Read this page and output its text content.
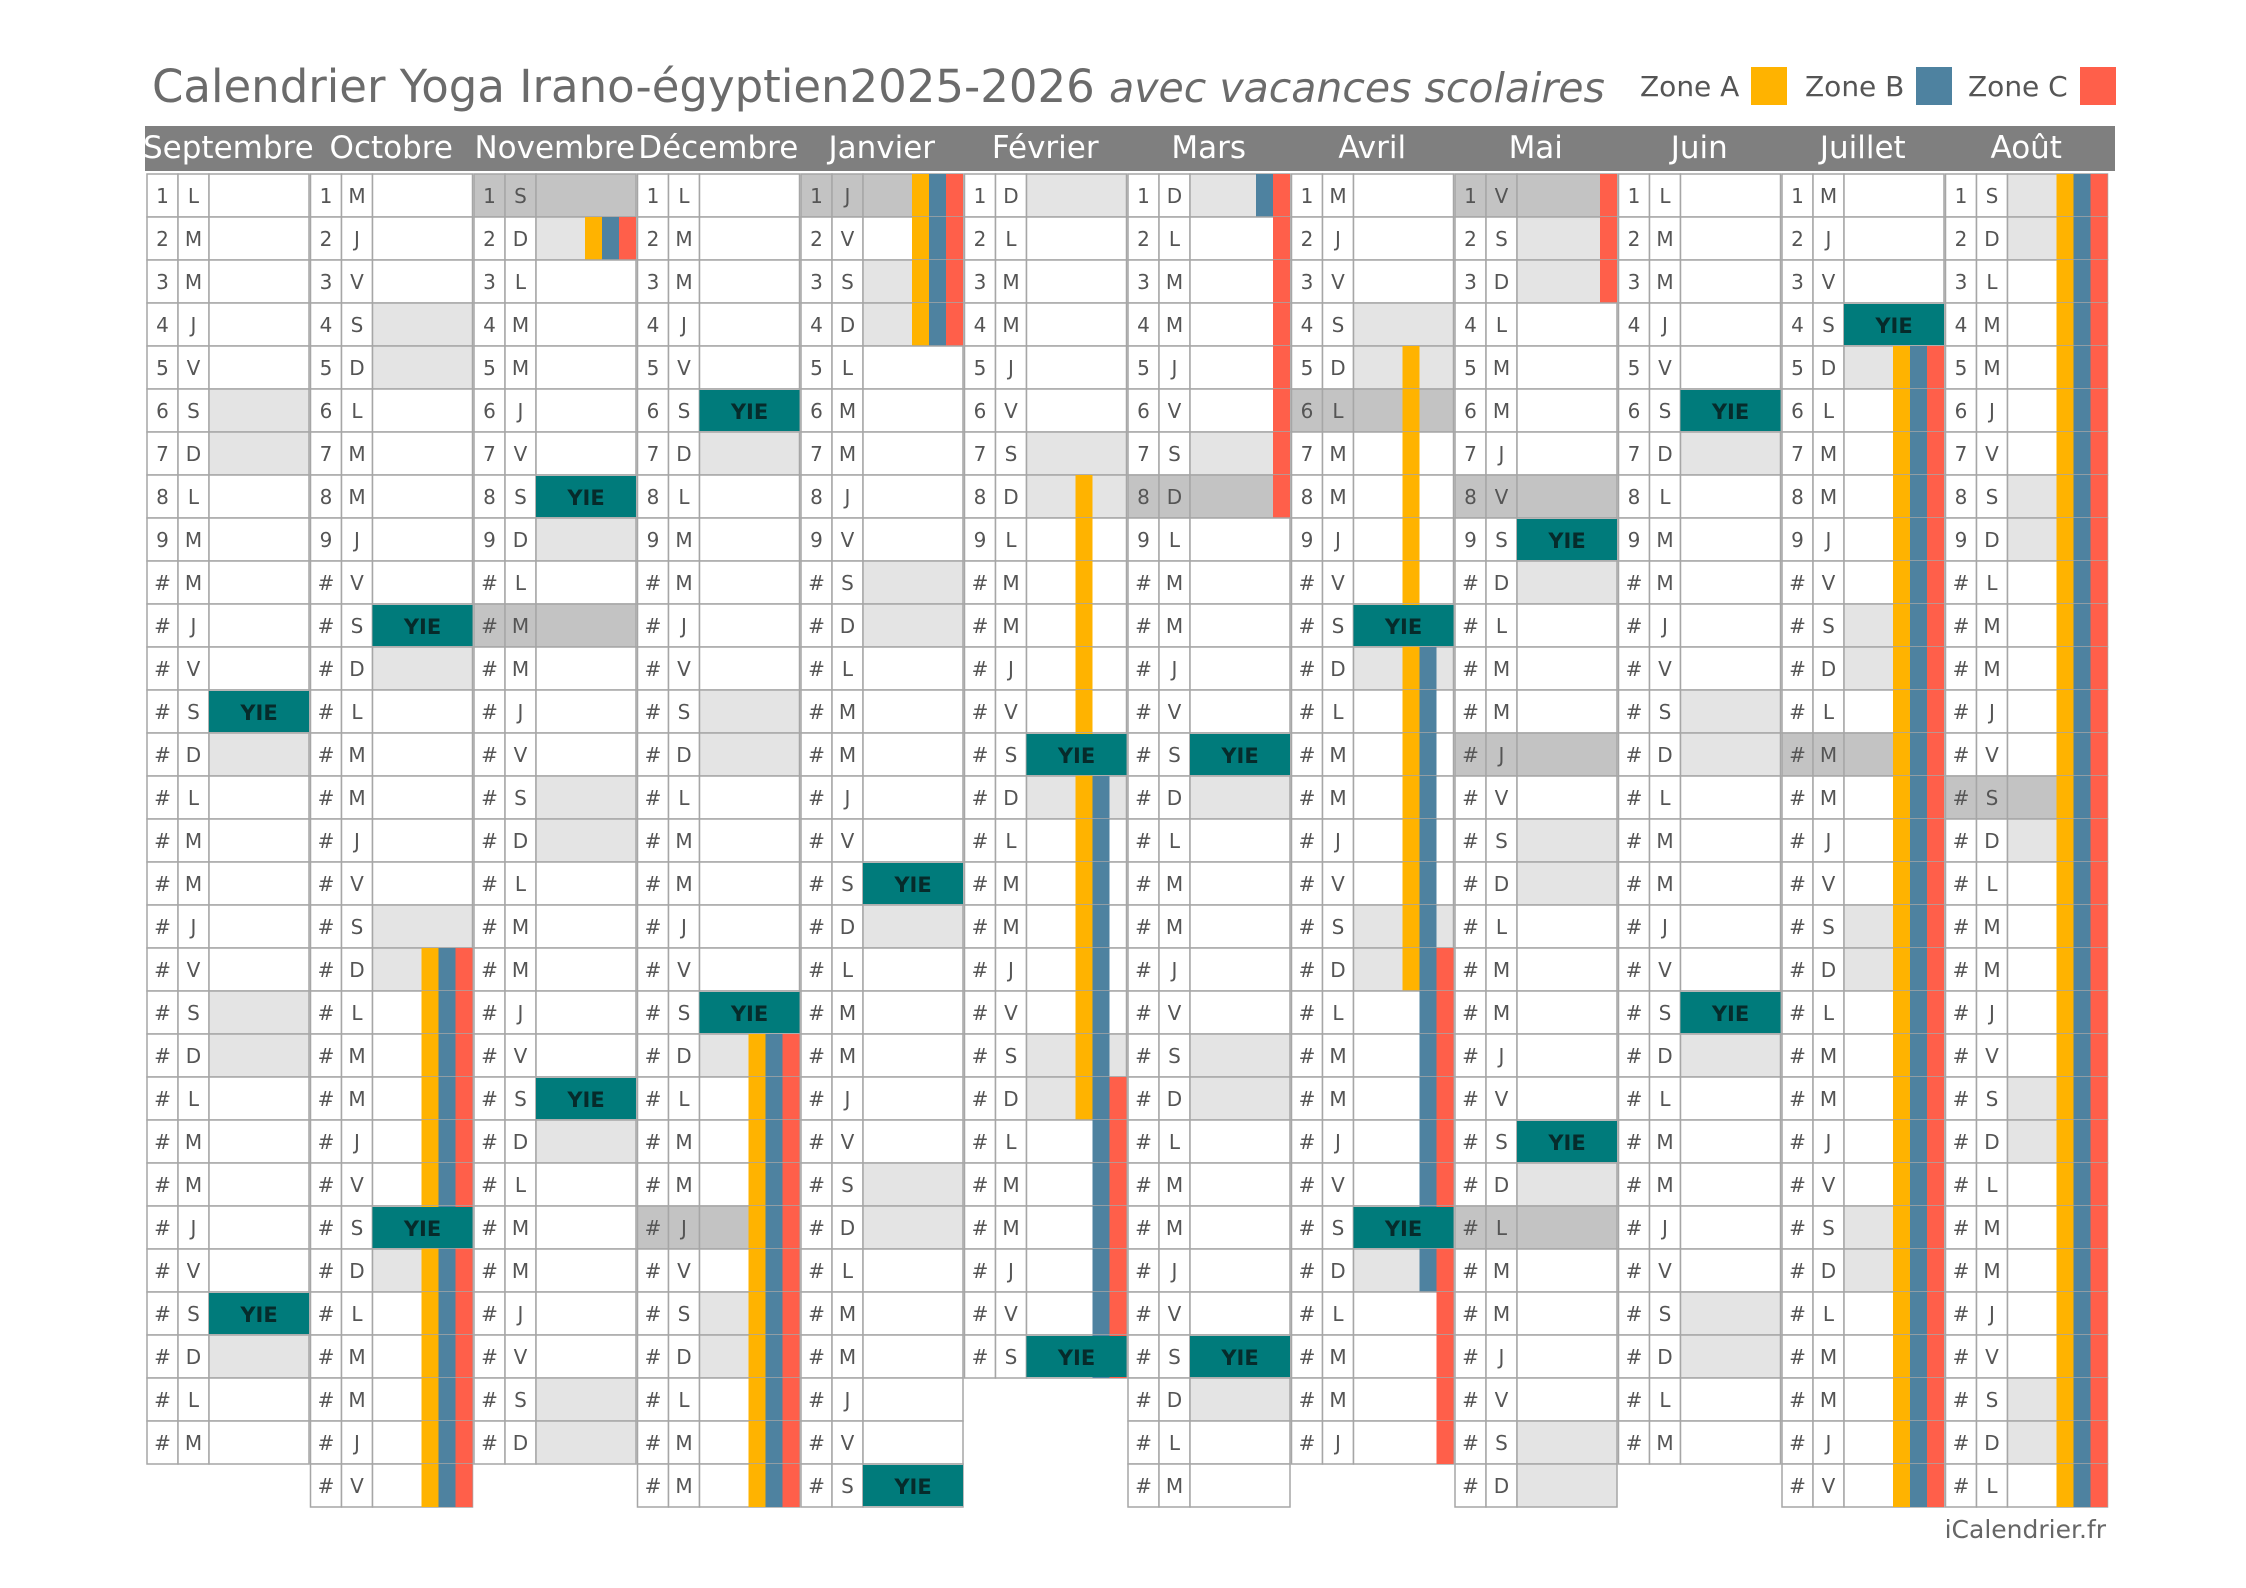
Calendrier Yoga Irano-égyptien2025-2026 avec vacances scolaires Zone A Zone B Zone C
Septembre Octobre Novembre Décembre Janvier	Février	Mars	Avril	Mai	Juin	Juillet	Août
1 L
2 M
3 M
4 J
5 V
6 S
7 D
8 L
9 M
# M
# J
# V
# S YIE
# D
# L
# M
# M
# J
# V
# S
# D
# L
# M
# M
# J
# V
# S YIE
# D
# L
# M
1 M
2 J
3 V
4 S
5 D
6 L
7 M
8 M
9 J
# V
# S YIE
# D
# L
# M
# M
# J
# V
# S
# D
# L
# M
# M
# J
# V
# S YIE
# D
# L
# M
# M
# J
# V
1 S
2 D
3 L
4 M
5 M
6 J
7 V
8 S YIE
9 D
# L
# M
# M
# J
# V
# S
# D
# L
# M
# M
# J
# V
# S YIE
# D
# L
# M
# M
# J
# V
# S
# D
1 L
2 M
3 M
4 J
5 V
6 S YIE
7 D
8 L
9 M
# M
# J
# V
# S
# D
# L
# M
# M
# J
# V
# S YIE
# D
# L
# M
# M
# J
# V
# S
# D
# L
# M
# M
1 J
2 V
3 S
4 D
5 L
6 M
7 M
8 J
9 V
# S
# D
# L
# M
# M
# J
# V
# S YIE
# D
# L
# M
# M
# J
# V
# S
# D
# L
# M
# M
# J
# V
# S YIE
1 D
2 L
3 M
4 M
5 J
6 V
7 S
8 D
9 L
# M
# M
# J
# V
# S YIE
# D
# L
# M
# M
# J
# V
# S
# D
# L
# M
# M
# J
# V
# S YIE
1 D
2 L
3 M
4 M
5 J
6 V
7 S
8 D
9 L
# M
# M
# J
# V
# S YIE
# D
# L
# M
# M
# J
# V
# S
# D
# L
# M
# M
# J
# V
# S YIE
# D
# L
# M
1 M
2 J
3 V
4 S
5 D
6 L
7 M
8 M
9 J
# V
# S YIE
# D
# L
# M
# M
# J
# V
# S
# D
# L
# M
# M
# J
# V
# S YIE
# D
# L
# M
# M
# J
1 V
2 S
3 D
4 L
5 M
6 M
7 J
8 V
9 S YIE
# D
# L
# M
# M
# J
# V
# S
# D
# L
# M
# M
# J
# V
# S YIE
# D
# L
# M
# M
# J
# V
# S
# D
1 L
2 M
3 M
4 J
5 V
6 S YIE
7 D
8 L
9 M
# M
# J
# V
# S
# D
# L
# M
# M
# J
# V
# S YIE
# D
# L
# M
# M
# J
# V
# S
# D
# L
# M
1 M
2 J
3 V
4 S YIE
5 D
6 L
7 M
8 M
9 J
# V
# S
# D
# L
# M
# M
# J
# V
# S
# D
# L
# M
# M
# J
# V
# S
# D
# L
# M
# M
# J
# V
1 S
2 D
3 L
4 M
5 M
6 J
7 V
8 S
9 D
# L
# M
# M
# J
# V
# S
# D
# L
# M
# M
# J
# V
# S
# D
# L
# M
# M
# J
# V
# S
# D
# L
iCalendrier.fr
